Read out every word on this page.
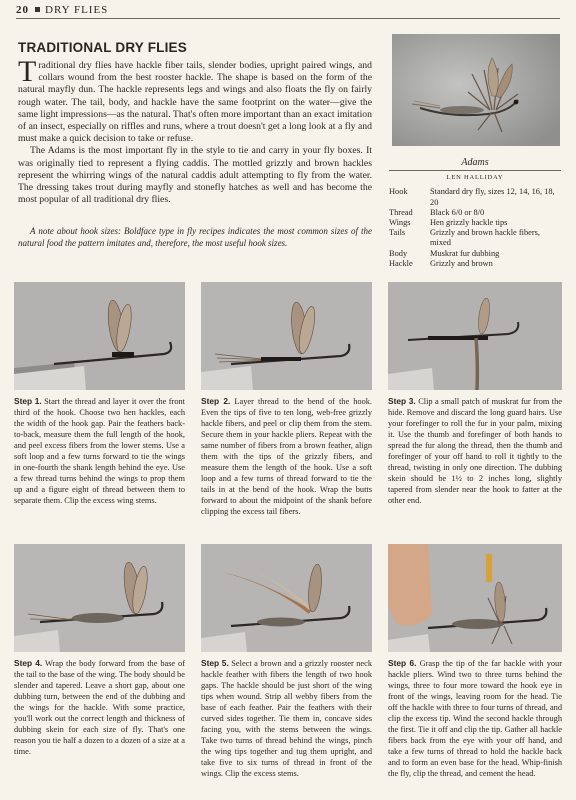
20 DRY FLIES
TRADITIONAL DRY FLIES

Traditional dry flies have hackle fiber tails, slender bodies, upright paired wings, and collars wound from the best rooster hackle. The shape is based on the form of the natural mayfly dun. The hackle represents legs and wings and also floats the fly on fairly rough water. The tail, body, and hackle have the same footprint on the water—give the same light impressions—as the natural. That's often more important than an exact imitation of an insect, especially on riffles and runs, where a trout doesn't get a long look at a fly and must make a quick decision to take or refuse.

The Adams is the most important fly in the style to tie and carry in your fly boxes. It was originally tied to represent a flying caddis. The mottled grizzly and brown hackles represent the whirring wings of the natural caddis adult attempting to fly from the water. The dressing takes trout during mayfly and stonefly hatches as well and has become the most popular of all traditional dry flies.

A note about hook sizes: Boldface type in fly recipes indicates the most common sizes of the natural food the pattern imitates and, therefore, the most useful hook sizes.

Adams
LEN HALLIDAY
Hook	Standard dry fly, sizes 12, 14, 16, 18, 20
Thread	Black 6/0 or 8/0
Wings	Hen grizzly hackle tips
Tails	Grizzly and brown hackle fibers, mixed
Body	Muskrat fur dubbing
Hackle	Grizzly and brown
Step 1. Start the thread and layer it over the front third of the hook. Choose two hen hackles, each the width of the hook gap. Pair the feathers back-to-back, measure them the full length of the hook, and peel excess fibers from the lower stems. Use a soft loop and a few turns forward to tie the wings in one-fourth the shank length behind the eye. Use a few thread turns behind the wings to prop them up and a figure eight of thread between them to separate them. Clip the excess wing stems.
Step 2. Layer thread to the bend of the hook. Even the tips of five to ten long, web-free grizzly hackle fibers, and peel or clip them from the stem. Secure them in your hackle pliers. Repeat with the same number of fibers from a brown feather, align them with the tips of the grizzly fibers, and measure them the length of the hook. Use a soft loop and a few turns of thread forward to tie the tails in at the bend of the hook. Wrap the butts forward to about the midpoint of the shank before clipping the excess tail fibers.
Step 3. Clip a small patch of muskrat fur from the hide. Remove and discard the long guard hairs. Use your forefinger to roll the fur in your palm, mixing it. Use the thumb and forefinger of both hands to spread the fur along the thread, then the thumb and forefinger of your off hand to roll it tightly to the thread, twisting in only one direction. The dubbing skein should be 1½ to 2 inches long, slightly tapered from slender near the hook to fatter at the other end.
Step 4. Wrap the body forward from the base of the tail to the base of the wing. The body should be slender and tapered. Leave a short gap, about one dubbing turn, between the end of the dubbing and the wings for the hackle. With some practice, you'll work out the correct length and thickness of dubbing skein for each size of fly. That's one reason you tie half a dozen to a dozen of a size at a time.
Step 5. Select a brown and a grizzly rooster neck hackle feather with fibers the length of two hook gaps. The hackle should be just short of the wing tips when wound. Strip all webby fibers from the base of each feather. Pair the feathers with their curved sides together. Tie them in, concave sides facing you, with the stems between the wings. Take two turns of thread behind the wings, pinch the wing tips together and tug them upright, and take five to six turns of thread in front of the wings. Clip the excess stems.
Step 6. Grasp the tip of the far hackle with your hackle pliers. Wind two to three turns behind the wings, three to four more toward the hook eye in front of the wings, leaving room for the head. Tie off the hackle with three to four turns of thread, and clip the excess tip. Wind the second hackle through the first. Tie it off and clip the tip. Gather all hackle fibers back from the eye with your off hand, and take a few turns of thread to hold the hackle back and to form an even base for the head. Whip-finish the fly, clip the thread, and cement the head.
